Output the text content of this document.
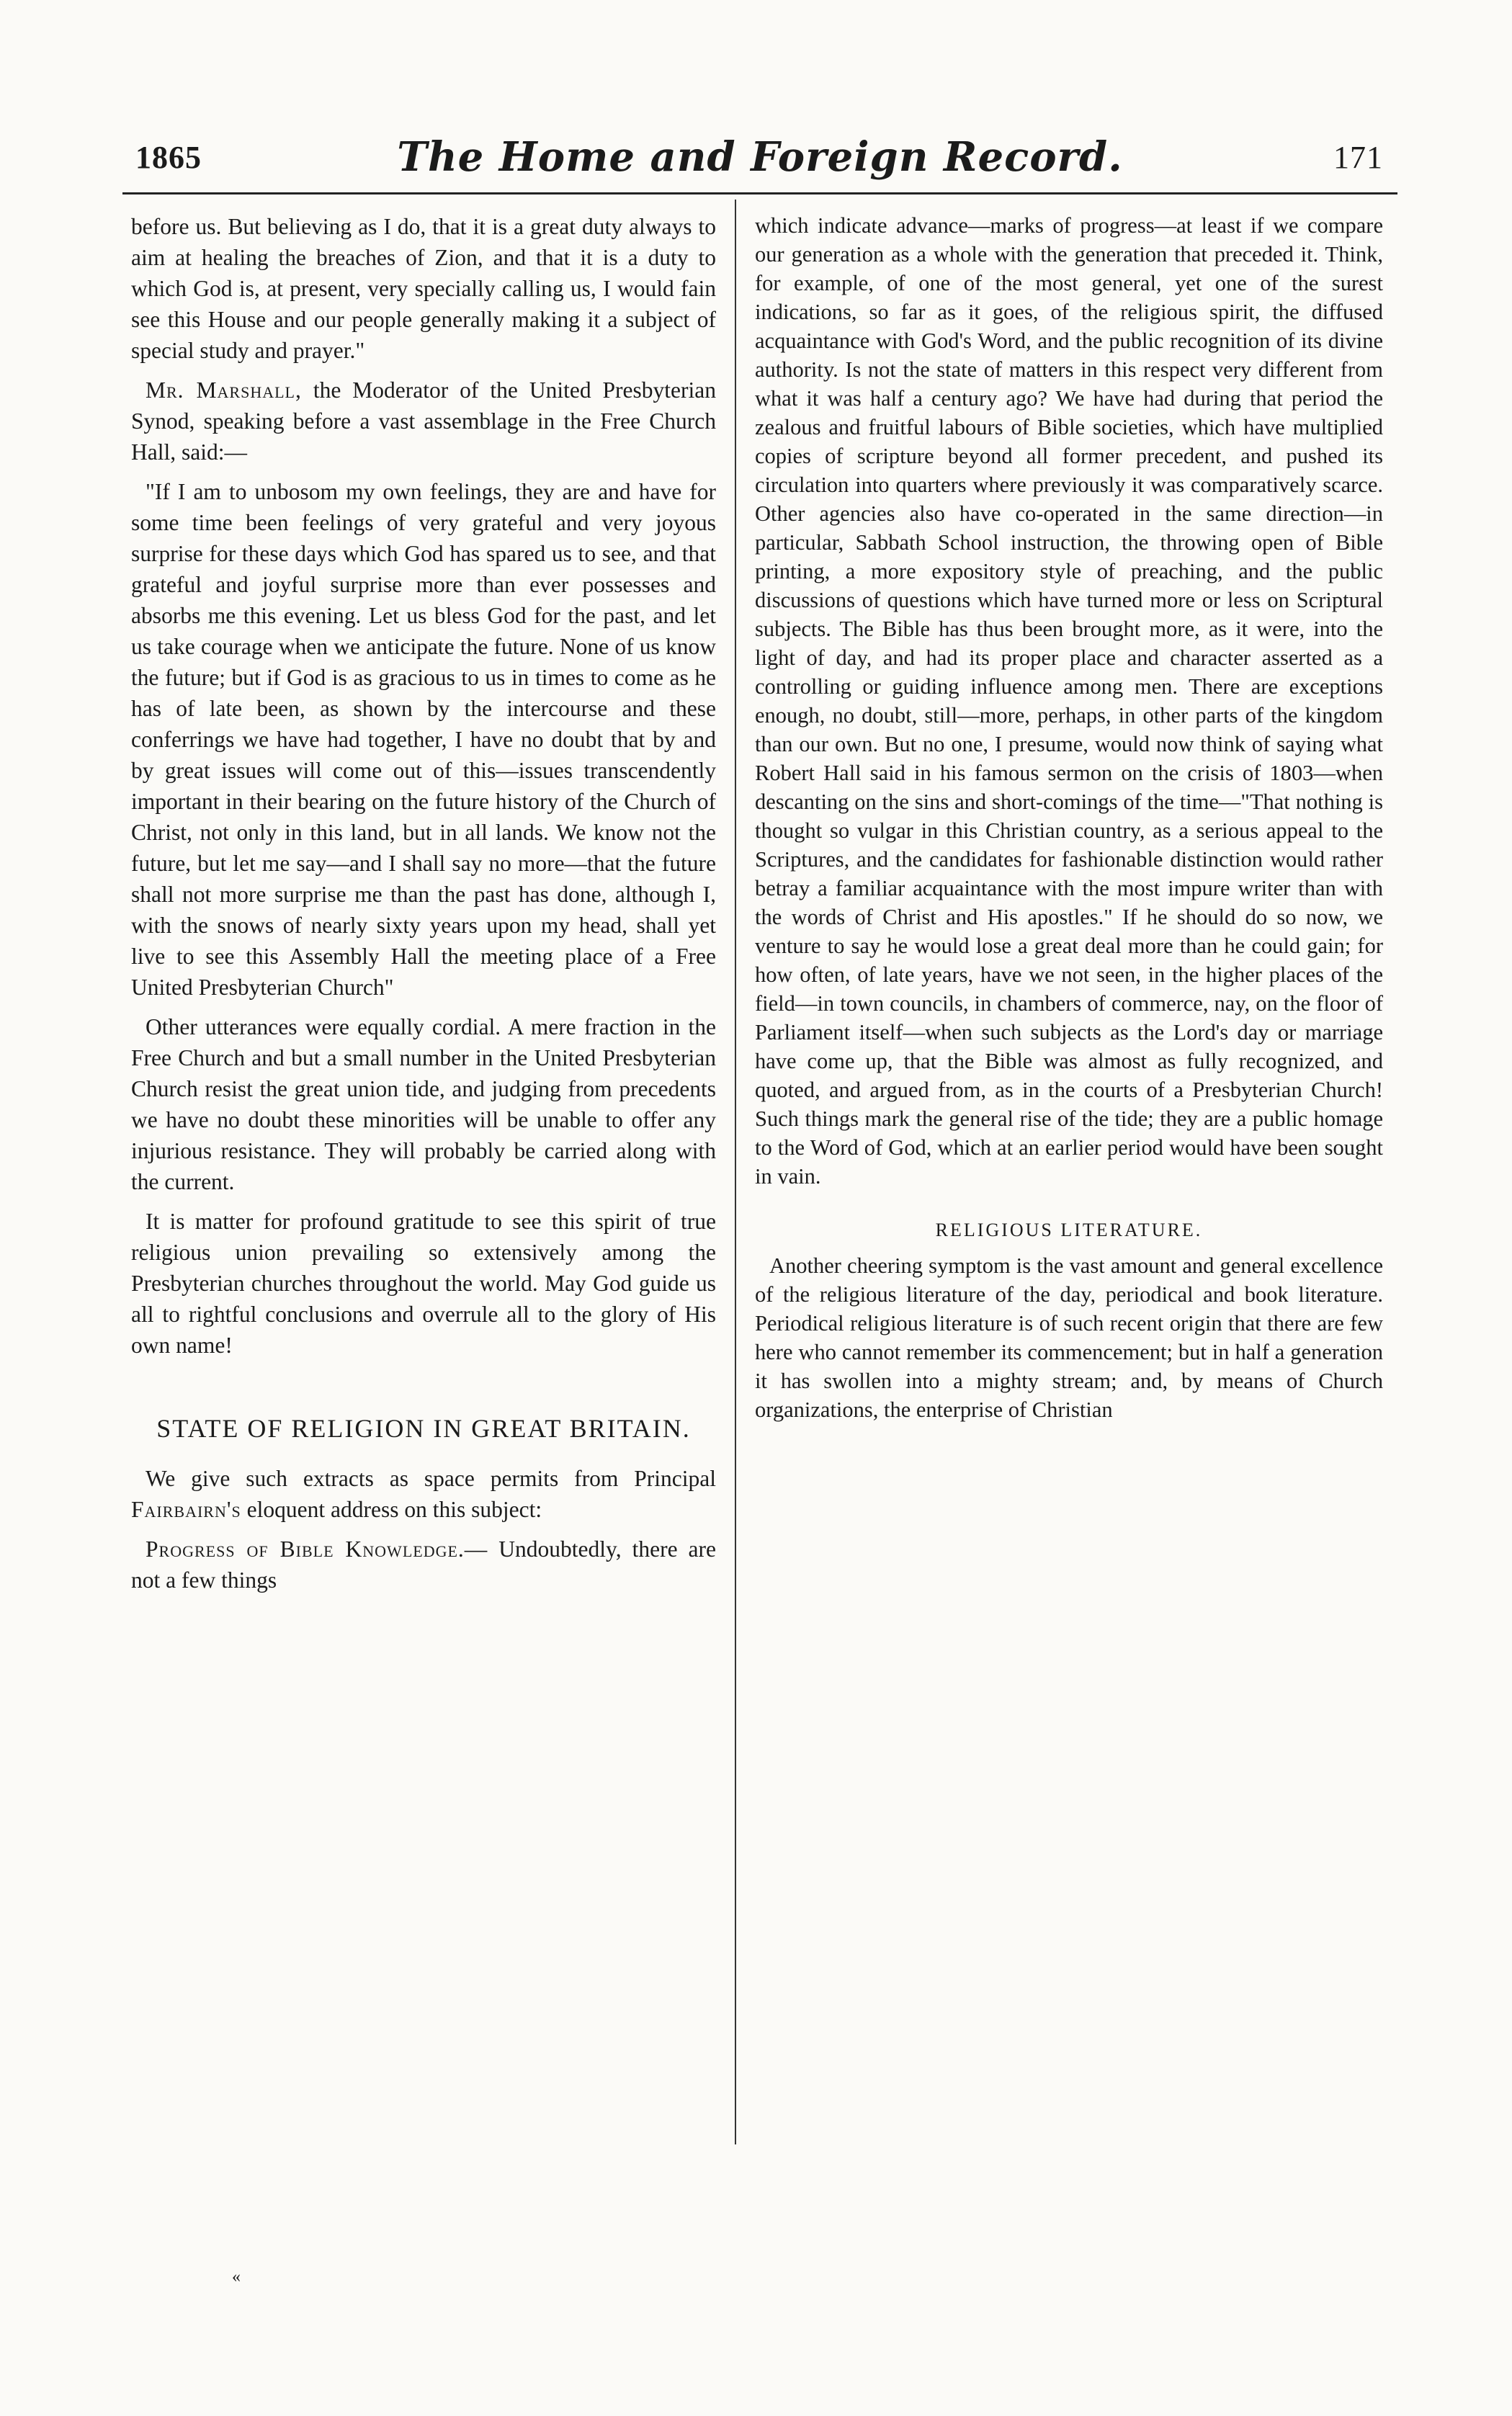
1865	The Home and Foreign Record.	171

before us. But believing as I do, that it is a great duty always to aim at healing the breaches of Zion, and that it is a duty to which God is, at present, very specially calling us, I would fain see this House and our people generally making it a subject of special study and prayer."

Mr. Marshall, the Moderator of the United Presbyterian Synod, speaking before a vast assemblage in the Free Church Hall, said:—

"If I am to unbosom my own feelings, they are and have for some time been feelings of very grateful and very joyous surprise for these days which God has spared us to see, and that grateful and joyful surprise more than ever possesses and absorbs me this evening. Let us bless God for the past, and let us take courage when we anticipate the future. None of us know the future; but if God is as gracious to us in times to come as he has of late been, as shown by the intercourse and these conferrings we have had together, I have no doubt that by and by great issues will come out of this—issues transcendently important in their bearing on the future history of the Church of Christ, not only in this land, but in all lands. We know not the future, but let me say—and I shall say no more—that the future shall not more surprise me than the past has done, although I, with the snows of nearly sixty years upon my head, shall yet live to see this Assembly Hall the meeting place of a Free United Presbyterian Church"

Other utterances were equally cordial. A mere fraction in the Free Church and but a small number in the United Presbyterian Church resist the great union tide, and judging from precedents we have no doubt these minorities will be unable to offer any injurious resistance. They will probably be carried along with the current.

It is matter for profound gratitude to see this spirit of true religious union prevailing so extensively among the Presbyterian churches throughout the world. May God guide us all to rightful conclusions and overrule all to the glory of His own name!

STATE OF RELIGION IN GREAT BRITAIN.

We give such extracts as space permits from Principal Fairbairn's eloquent address on this subject:

Progress of Bible Knowledge.— Undoubtedly, there are not a few things

which indicate advance—marks of progress—at least if we compare our generation as a whole with the generation that preceded it. Think, for example, of one of the most general, yet one of the surest indications, so far as it goes, of the religious spirit, the diffused acquaintance with God's Word, and the public recognition of its divine authority. Is not the state of matters in this respect very different from what it was half a century ago? We have had during that period the zealous and fruitful labours of Bible societies, which have multiplied copies of scripture beyond all former precedent, and pushed its circulation into quarters where previously it was comparatively scarce. Other agencies also have co-operated in the same direction—in particular, Sabbath School instruction, the throwing open of Bible printing, a more expository style of preaching, and the public discussions of questions which have turned more or less on Scriptural subjects. The Bible has thus been brought more, as it were, into the light of day, and had its proper place and character asserted as a controlling or guiding influence among men. There are exceptions enough, no doubt, still—more, perhaps, in other parts of the kingdom than our own. But no one, I presume, would now think of saying what Robert Hall said in his famous sermon on the crisis of 1803—when descanting on the sins and short-comings of the time—"That nothing is thought so vulgar in this Christian country, as a serious appeal to the Scriptures, and the candidates for fashionable distinction would rather betray a familiar acquaintance with the most impure writer than with the words of Christ and His apostles." If he should do so now, we venture to say he would lose a great deal more than he could gain; for how often, of late years, have we not seen, in the higher places of the field—in town councils, in chambers of commerce, nay, on the floor of Parliament itself—when such subjects as the Lord's day or marriage have come up, that the Bible was almost as fully recognized, and quoted, and argued from, as in the courts of a Presbyterian Church! Such things mark the general rise of the tide; they are a public homage to the Word of God, which at an earlier period would have been sought in vain.

RELIGIOUS LITERATURE.

Another cheering symptom is the vast amount and general excellence of the religious literature of the day, periodical and book literature. Periodical religious literature is of such recent origin that there are few here who cannot remember its commencement; but in half a generation it has swollen into a mighty stream; and, by means of Church organizations, the enterprise of Christian

«
